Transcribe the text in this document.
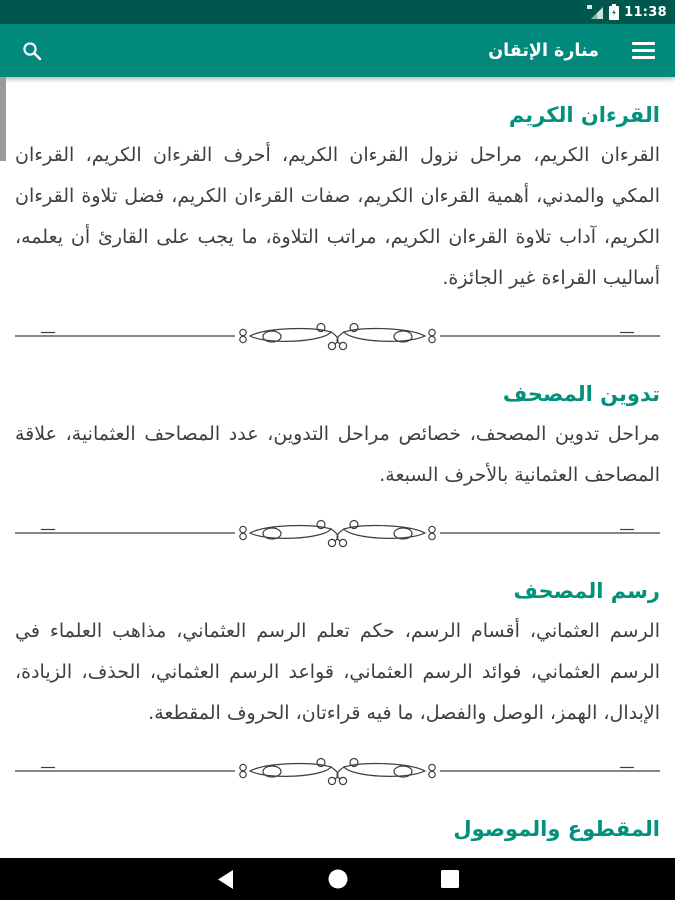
11:38
منارة الإتقان
القرءان الكريم

القرءان الكريم، مراحل نزول القرءان الكريم، أحرف القرءان الكريم، القرءان المكي والمدني، أهمية القرءان الكريم، صفات القرءان الكريم، فضل تلاوة القرءان الكريم، آداب تلاوة القرءان الكريم، مراتب التلاوة، ما يجب على القارئ أن يعلمه، أساليب القراءة غير الجائزة.

تدوين المصحف

مراحل تدوين المصحف، خصائص مراحل التدوين، عدد المصاحف العثمانية، علاقة المصاحف العثمانية بالأحرف السبعة.

رسم المصحف

الرسم العثماني، أقسام الرسم، حكم تعلم الرسم العثماني، مذاهب العلماء في الرسم العثماني، فوائد الرسم العثماني، قواعد الرسم العثماني، الحذف، الزيادة، الإبدال، الهمز، الوصل والفصل، ما فيه قراءتان، الحروف المقطعة.

المقطوع والموصول
